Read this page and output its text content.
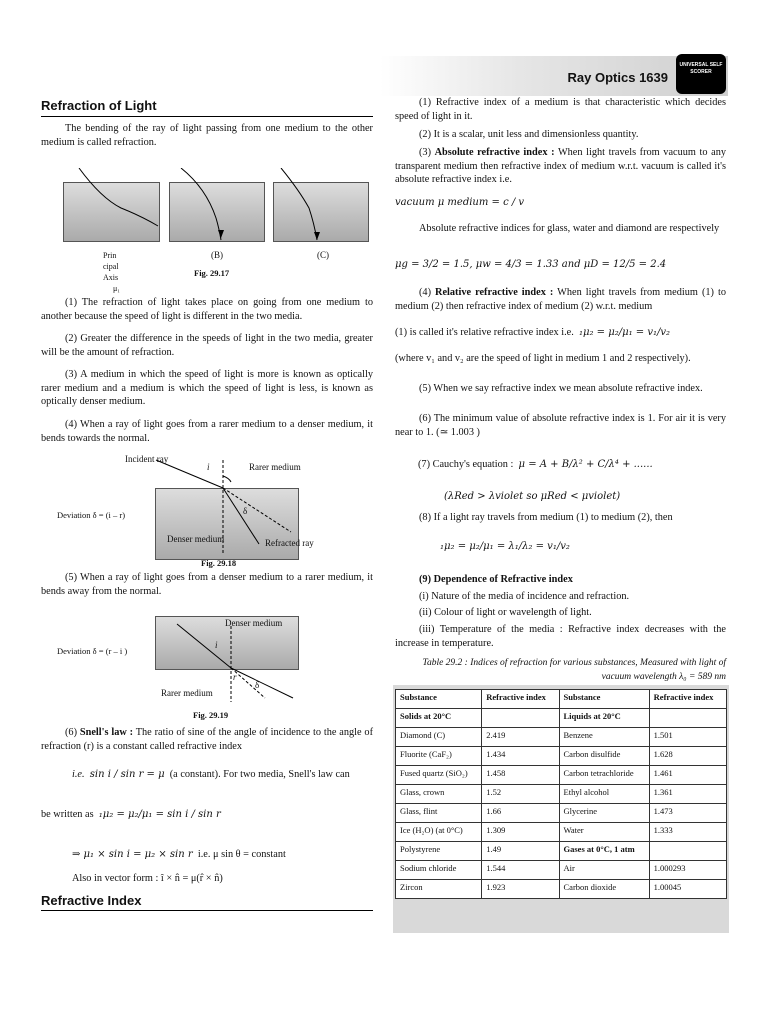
Ray Optics 1639
UNIVERSAL SELF SCORER
Refraction of Light
The bending of the ray of light passing from one medium to the other medium is called refraction.
Prin cipal Axis
μ₁
(B)	(C)
Fig. 29.17
(1) The refraction of light takes place on going from one medium to another because the speed of light is different in the two media.
(2) Greater the difference in the speeds of light in the two media, greater will be the amount of refraction.
(3) A medium in which the speed of light is more is known as optically rarer medium and a medium is which the speed of light is less, is known as optically denser medium.
(4) When a ray of light goes from a rarer medium to a denser medium, it bends towards the normal.
Incident ray
i	Rarer medium
δ
Deviation δ = (i – r)
Denser medium	Refracted ray
Fig. 29.18
(5) When a ray of light goes from a denser medium to a rarer medium, it bends away from the normal.
Denser medium
i
r
δ
Deviation δ = (r – i )
Rarer medium
Fig. 29.19
(6) Snell's law : The ratio of sine of the angle of incidence to the angle of refraction (r) is a constant called refractive index
i.e. sin i / sin r = μ (a constant). For two media, Snell's law can
be written as ₁μ₂ = μ₂/μ₁ = sin i / sin r
⇒ μ₁ × sin i = μ₂ × sin r i.e. μ sin θ = constant
Also in vector form : î × n̂ = μ(r̂ × n̂)
Refractive Index
(1) Refractive index of a medium is that characteristic which decides speed of light in it.
(2) It is a scalar, unit less and dimensionless quantity.
(3) Absolute refractive index : When light travels from vacuum to any transparent medium then refractive index of medium w.r.t. vacuum is called it's absolute refractive index i.e.
vacuum μ medium = c / v
Absolute refractive indices for glass, water and diamond are respectively
μg = 3/2 = 1.5, μw = 4/3 = 1.33 and μD = 12/5 = 2.4
(4) Relative refractive index : When light travels from medium (1) to medium (2) then refractive index of medium (2) w.r.t. medium
(1) is called it's relative refractive index i.e. ₁μ₂ = μ₂/μ₁ = v₁/v₂
(where v₁ and v₂ are the speed of light in medium 1 and 2 respectively).
(5) When we say refractive index we mean absolute refractive index.
(6) The minimum value of absolute refractive index is 1. For air it is very near to 1. (≃ 1.003 )
(7) Cauchy's equation : μ = A + B/λ² + C/λ⁴ + ......
(λRed > λviolet so μRed < μviolet)
(8) If a light ray travels from medium (1) to medium (2), then
₁μ₂ = μ₂/μ₁ = λ₁/λ₂ = v₁/v₂
(9) Dependence of Refractive index
(i) Nature of the media of incidence and refraction.
(ii) Colour of light or wavelength of light.
(iii) Temperature of the media : Refractive index decreases with the increase in temperature.
Table 29.2 : Indices of refraction for various substances, Measured with light of vacuum wavelength λ₀ = 589 nm
Substance	Refractive index	Substance	Refractive index
Solids at 20°C		Liquids at 20°C	
Diamond (C)	2.419	Benzene	1.501
Fluorite (CaF₂)	1.434	Carbon disulfide	1.628
Fused quartz (SiO₂)	1.458	Carbon tetrachloride	1.461
Glass, crown	1.52	Ethyl alcohol	1.361
Glass, flint	1.66	Glycerine	1.473
Ice (H₂O) (at 0°C)	1.309	Water	1.333
Polystyrene	1.49	Gases at 0°C, 1 atm	
Sodium chloride	1.544	Air	1.000293
Zircon	1.923	Carbon dioxide	1.00045
